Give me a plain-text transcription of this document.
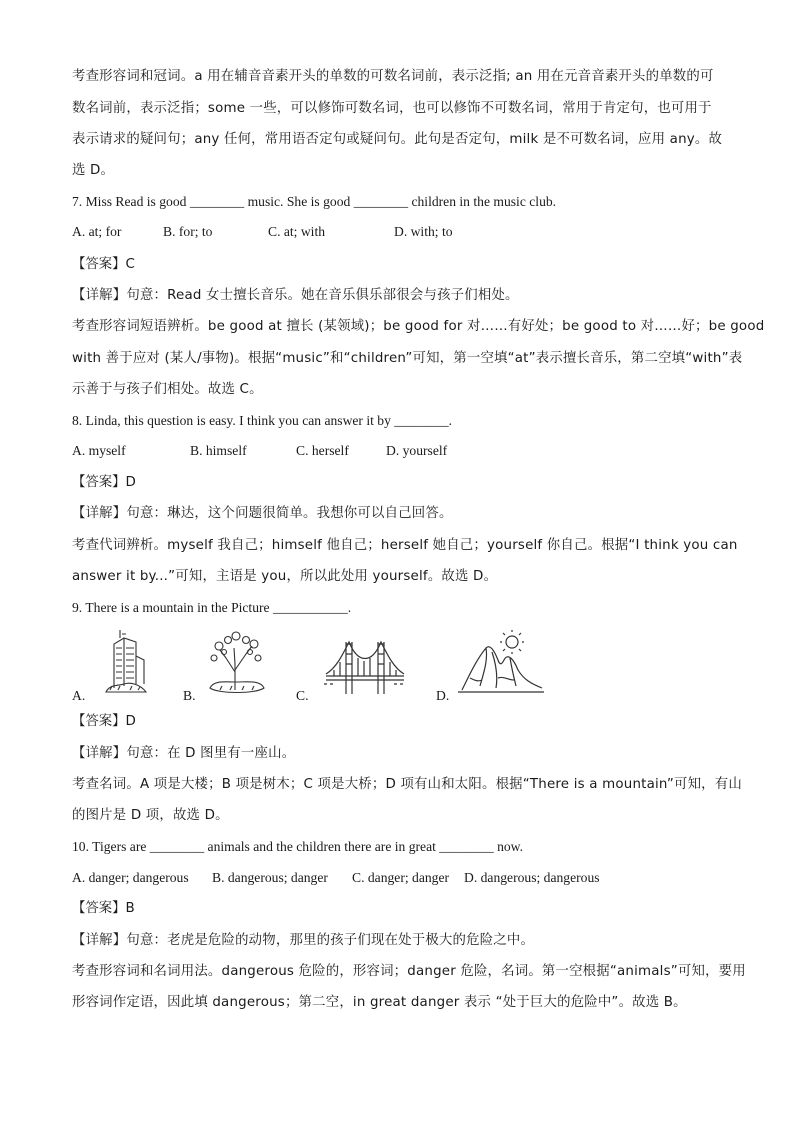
考查形容词和冠词。a 用在辅音音素开头的单数的可数名词前，表示泛指; an 用在元音音素开头的单数的可
数名词前，表示泛指；some 一些，可以修饰可数名词，也可以修饰不可数名词，常用于肯定句，也可用于
表示请求的疑问句；any 任何，常用语否定句或疑问句。此句是否定句，milk 是不可数名词，应用 any。故
选 D。
7. Miss Read is good ________ music. She is good ________ children in the music club.
A. at; for	B. for; to	C. at; with	D. with; to
【答案】C
【详解】句意：Read 女士擅长音乐。她在音乐俱乐部很会与孩子们相处。
考查形容词短语辨析。be good at 擅长 (某领域)；be good for 对……有好处；be good to 对……好；be good
with 善于应对 (某人/事物)。根据“music”和“children”可知，第一空填“at”表示擅长音乐，第二空填“with”表
示善于与孩子们相处。故选 C。
8. Linda, this question is easy. I think you can answer it by ________.
A. myself	B. himself	C. herself	D. yourself
【答案】D
【详解】句意：琳达，这个问题很简单。我想你可以自己回答。
考查代词辨析。myself 我自己；himself 他自己；herself 她自己；yourself 你自己。根据“I think you can
answer it by...”可知，主语是 you，所以此处用 yourself。故选 D。
9. There is a mountain in the Picture ___________.
A.	B.	C.	D.
【答案】D
【详解】句意：在 D 图里有一座山。
考查名词。A 项是大楼；B 项是树木；C 项是大桥；D 项有山和太阳。根据“There is a mountain”可知，有山
的图片是 D 项，故选 D。
10. Tigers are ________ animals and the children there are in great ________ now.
A. danger; dangerous B. dangerous; danger C. danger; danger D. dangerous; dangerous
【答案】B
【详解】句意：老虎是危险的动物，那里的孩子们现在处于极大的危险之中。
考查形容词和名词用法。dangerous 危险的，形容词；danger 危险，名词。第一空根据“animals”可知，要用
形容词作定语，因此填 dangerous；第二空，in great danger 表示 “处于巨大的危险中”。故选 B。
